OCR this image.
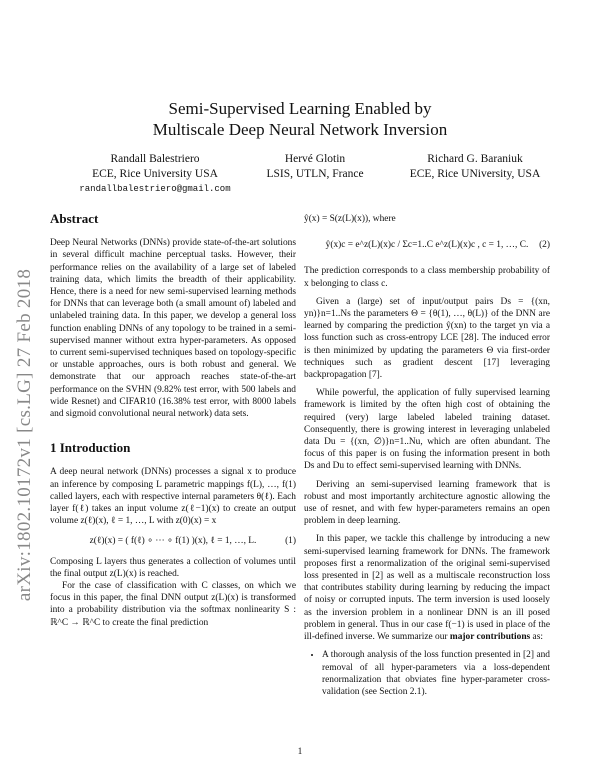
arXiv:1802.10172v1 [cs.LG] 27 Feb 2018
Semi-Supervised Learning Enabled by
Multiscale Deep Neural Network Inversion
Randall Balestriero
ECE, Rice University USA
randallbalestriero@gmail.com
Hervé Glotin
LSIS, UTLN, France
Richard G. Baraniuk
ECE, Rice UNiversity, USA
Abstract

Deep Neural Networks (DNNs) provide state-of-the-art solutions in several difficult machine perceptual tasks. However, their performance relies on the availability of a large set of labeled training data, which limits the breadth of their applicability. Hence, there is a need for new semi-supervised learning methods for DNNs that can leverage both (a small amount of) labeled and unlabeled training data. In this paper, we develop a general loss function enabling DNNs of any topology to be trained in a semi-supervised manner without extra hyper-parameters. As opposed to current semi-supervised techniques based on topology-specific or unstable approaches, ours is both robust and general. We demonstrate that our approach reaches state-of-the-art performance on the SVHN (9.82% test error, with 500 labels and wide Resnet) and CIFAR10 (16.38% test error, with 8000 labels and sigmoid convolutional neural network) data sets.

1 Introduction

A deep neural network (DNNs) processes a signal x to produce an inference by composing L parametric mappings f(L), …, f(1) called layers, each with respective internal parameters θ(ℓ). Each layer f(ℓ) takes an input volume z(ℓ−1)(x) to create an output volume z(ℓ)(x), ℓ = 1, …, L with z(0)(x) = x

z(ℓ)(x) = ( f(ℓ) ∘ ⋯ ∘ f(1) )(x), ℓ = 1, …, L.	(1)

Composing L layers thus generates a collection of volumes until the final output z(L)(x) is reached.

For the case of classification with C classes, on which we focus in this paper, the final DNN output z(L)(x) is transformed into a probability distribution via the softmax nonlinearity S : ℝ^C → ℝ^C to create the final prediction

ŷ(x) = S(z(L)(x)), where

ŷ(x)c = e^z(L)(x)c / Σc=1..C e^z(L)(x)c , c = 1, …, C. (2)

The prediction corresponds to a class membership probability of x belonging to class c.

Given a (large) set of input/output pairs Ds = {(xn, yn)}n=1..Ns the parameters Θ = {θ(1), …, θ(L)} of the DNN are learned by comparing the prediction ŷ(xn) to the target yn via a loss function such as cross-entropy LCE [28]. The induced error is then minimized by updating the parameters Θ via first-order techniques such as gradient descent [17] leveraging backpropagation [7].

While powerful, the application of fully supervised learning framework is limited by the often high cost of obtaining the required (very) large labeled labeled training dataset. Consequently, there is growing interest in leveraging unlabeled data Du = {(xn, ∅)}n=1..Nu, which are often abundant. The focus of this paper is on fusing the information present in both Ds and Du to effect semi-supervised learning with DNNs.

Deriving an semi-supervised learning framework that is robust and most importantly architecture agnostic allowing the use of resnet, and with few hyper-parameters remains an open problem in deep learning.

In this paper, we tackle this challenge by introducing a new semi-supervised learning framework for DNNs. The framework proposes first a renormalization of the original semi-supervised loss presented in [2] as well as a multiscale reconstruction loss that contributes stability during learning by reducing the impact of noisy or corrupted inputs. The term inversion is used loosely as the inversion problem in a nonlinear DNN is an ill posed problem in general. Thus in our case f(−1) is used in place of the ill-defined inverse. We summarize our major contributions as:

• A thorough analysis of the loss function presented in [2] and removal of all hyper-parameters via a loss-dependent renormalization that obviates fine hyper-parameter cross-validation (see Section 2.1).
1
